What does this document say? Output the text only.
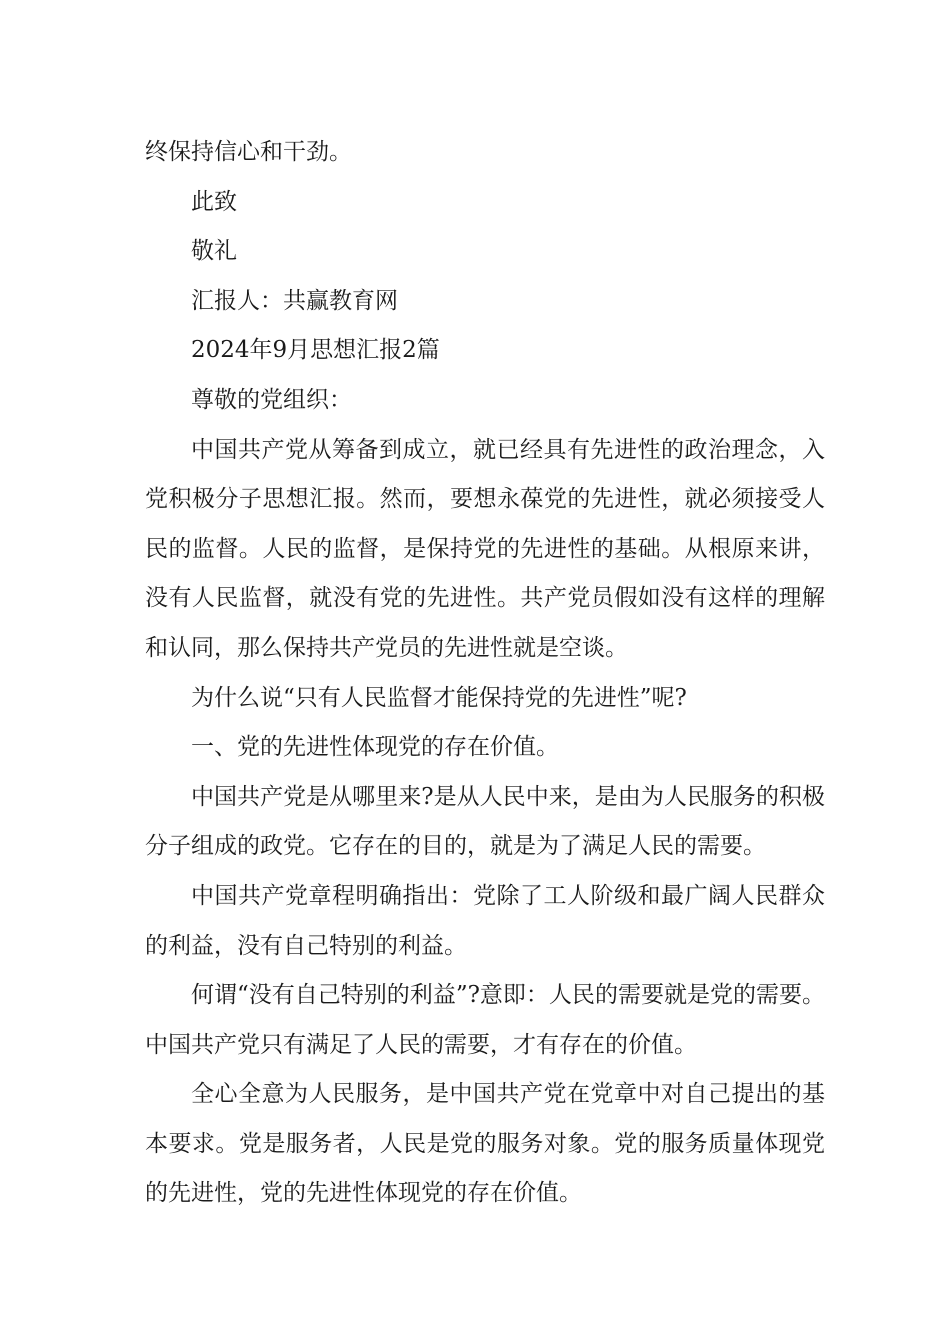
终保持信心和干劲。

此致

敬礼

汇报人：共赢教育网

2024年9月思想汇报2篇

尊敬的党组织：

中国共产党从筹备到成立，就已经具有先进性的政治理念，入党积极分子思想汇报。然而，要想永葆党的先进性，就必须接受人民的监督。人民的监督，是保持党的先进性的基础。从根原来讲，没有人民监督，就没有党的先进性。共产党员假如没有这样的理解和认同，那么保持共产党员的先进性就是空谈。

为什么说“只有人民监督才能保持党的先进性”呢?

一、党的先进性体现党的存在价值。

中国共产党是从哪里来?是从人民中来，是由为人民服务的积极分子组成的政党。它存在的目的，就是为了满足人民的需要。

中国共产党章程明确指出：党除了工人阶级和最广阔人民群众的利益，没有自己特别的利益。

何谓“没有自己特别的利益”?意即：人民的需要就是党的需要。中国共产党只有满足了人民的需要，才有存在的价值。

全心全意为人民服务，是中国共产党在党章中对自己提出的基本要求。党是服务者，人民是党的服务对象。党的服务质量体现党的先进性，党的先进性体现党的存在价值。
